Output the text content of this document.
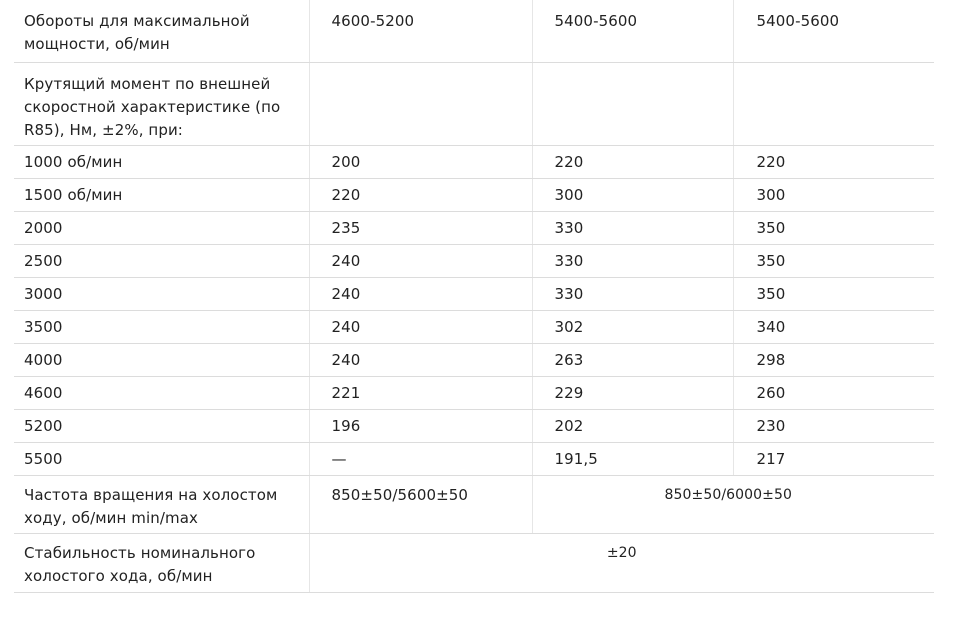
Обороты для максимальной мощности, об/мин	4600-5200	5400-5600	5400-5600
Крутящий момент по внешней скоростной характеристике (по R85), Нм, ±2%, при:			
1000 об/мин	200	220	220
1500 об/мин	220	300	300
2000	235	330	350
2500	240	330	350
3000	240	330	350
3500	240	302	340
4000	240	263	298
4600	221	229	260
5200	196	202	230
5500	—	191,5	217
Частота вращения на холостом ходу, об/мин min/max	850±50/5600±50	850±50/6000±50	
Стабильность номинального холостого хода, об/мин	±20		
